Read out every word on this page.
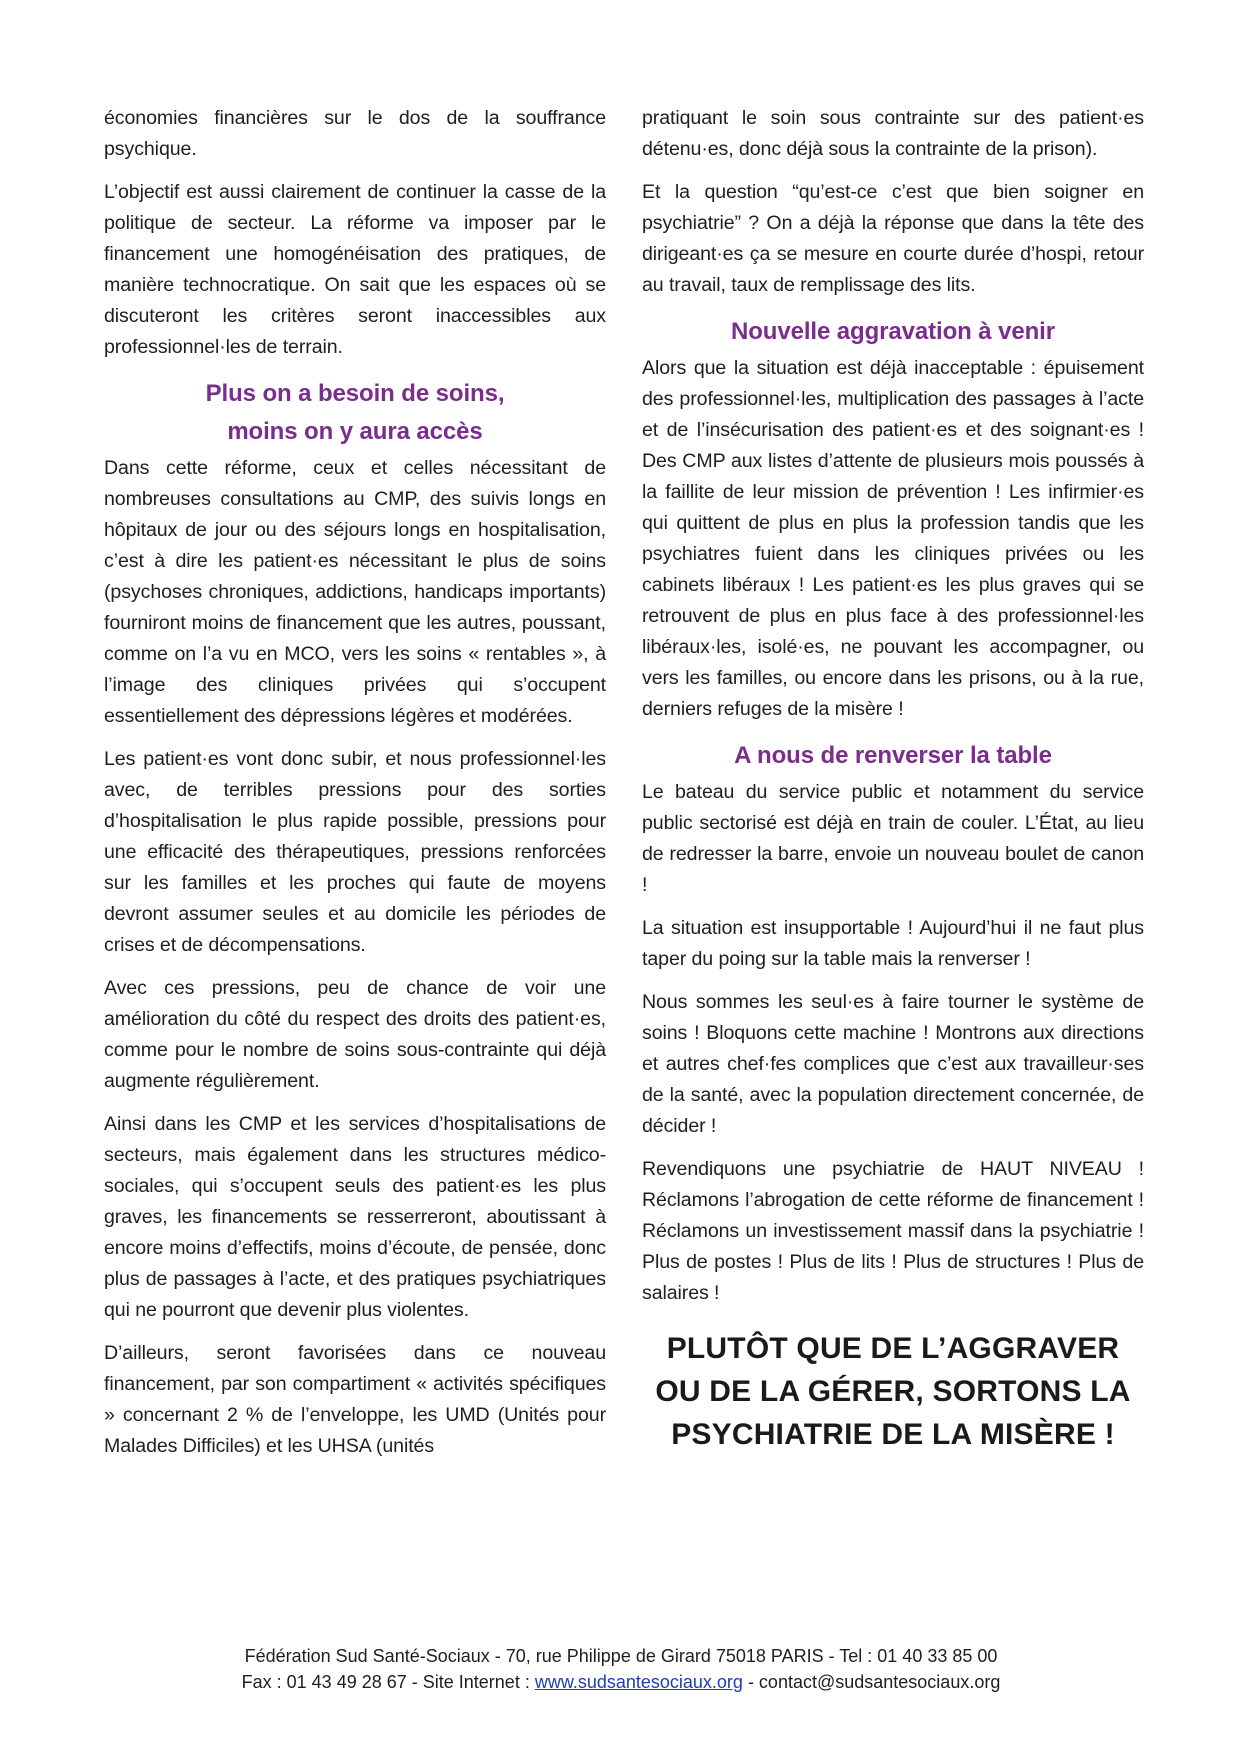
économies financières sur le dos de la souffrance psychique.

L’objectif est aussi clairement de continuer la casse de la politique de secteur. La réforme va imposer par le financement une homogénéisation des pratiques, de manière technocratique. On sait que les espaces où se discuteront les critères seront inaccessibles aux professionnel·les de terrain.

Plus on a besoin de soins,
moins on y aura accès

Dans cette réforme, ceux et celles nécessitant de nombreuses consultations au CMP, des suivis longs en hôpitaux de jour ou des séjours longs en hospitalisation, c’est à dire les patient·es nécessitant le plus de soins (psychoses chroniques, addictions, handicaps importants) fourniront moins de financement que les autres, poussant, comme on l’a vu en MCO, vers les soins « rentables », à l’image des cliniques privées qui s’occupent essentiellement des dépressions légères et modérées.

Les patient·es vont donc subir, et nous professionnel·les avec, de terribles pressions pour des sorties d’hospitalisation le plus rapide possible, pressions pour une efficacité des thérapeutiques, pressions renforcées sur les familles et les proches qui faute de moyens devront assumer seules et au domicile les périodes de crises et de décompensations.

Avec ces pressions, peu de chance de voir une amélioration du côté du respect des droits des patient·es, comme pour le nombre de soins sous-contrainte qui déjà augmente régulièrement.

Ainsi dans les CMP et les services d’hospitalisations de secteurs, mais également dans les structures médico-sociales, qui s’occupent seuls des patient·es les plus graves, les financements se resserreront, aboutissant à encore moins d’effectifs, moins d’écoute, de pensée, donc plus de passages à l’acte, et des pratiques psychiatriques qui ne pourront que devenir plus violentes.

D’ailleurs, seront favorisées dans ce nouveau financement, par son compartiment « activités spécifiques » concernant 2 % de l’enveloppe, les UMD (Unités pour Malades Difficiles) et les UHSA (unités

pratiquant le soin sous contrainte sur des patient·es détenu·es, donc déjà sous la contrainte de la prison).

Et la question “qu’est-ce c’est que bien soigner en psychiatrie” ? On a déjà la réponse que dans la tête des dirigeant·es ça se mesure en courte durée d’hospi, retour au travail, taux de remplissage des lits.

Nouvelle aggravation à venir

Alors que la situation est déjà inacceptable : épuisement des professionnel·les, multiplication des passages à l’acte et de l’insécurisation des patient·es et des soignant·es ! Des CMP aux listes d’attente de plusieurs mois poussés à la faillite de leur mission de prévention ! Les infirmier·es qui quittent de plus en plus la profession tandis que les psychiatres fuient dans les cliniques privées ou les cabinets libéraux ! Les patient·es les plus graves qui se retrouvent de plus en plus face à des professionnel·les libéraux·les, isolé·es, ne pouvant les accompagner, ou vers les familles, ou encore dans les prisons, ou à la rue, derniers refuges de la misère !

A nous de renverser la table

Le bateau du service public et notamment du service public sectorisé est déjà en train de couler. L’État, au lieu de redresser la barre, envoie un nouveau boulet de canon !

La situation est insupportable ! Aujourd’hui il ne faut plus taper du poing sur la table mais la renverser !

Nous sommes les seul·es à faire tourner le système de soins ! Bloquons cette machine ! Montrons aux directions et autres chef·fes complices que c’est aux travailleur·ses de la santé, avec la population directement concernée, de décider !

Revendiquons une psychiatrie de HAUT NIVEAU ! Réclamons l’abrogation de cette réforme de financement ! Réclamons un investissement massif dans la psychiatrie ! Plus de postes ! Plus de lits ! Plus de structures ! Plus de salaires !

PLUTÔT QUE DE L’AGGRAVER
OU DE LA GÉRER, SORTONS LA
PSYCHIATRIE DE LA MISÈRE !
Fédération Sud Santé-Sociaux - 70, rue Philippe de Girard 75018 PARIS - Tel : 01 40 33 85 00
Fax : 01 43 49 28 67 - Site Internet : www.sudsantesociaux.org - contact@sudsantesociaux.org
